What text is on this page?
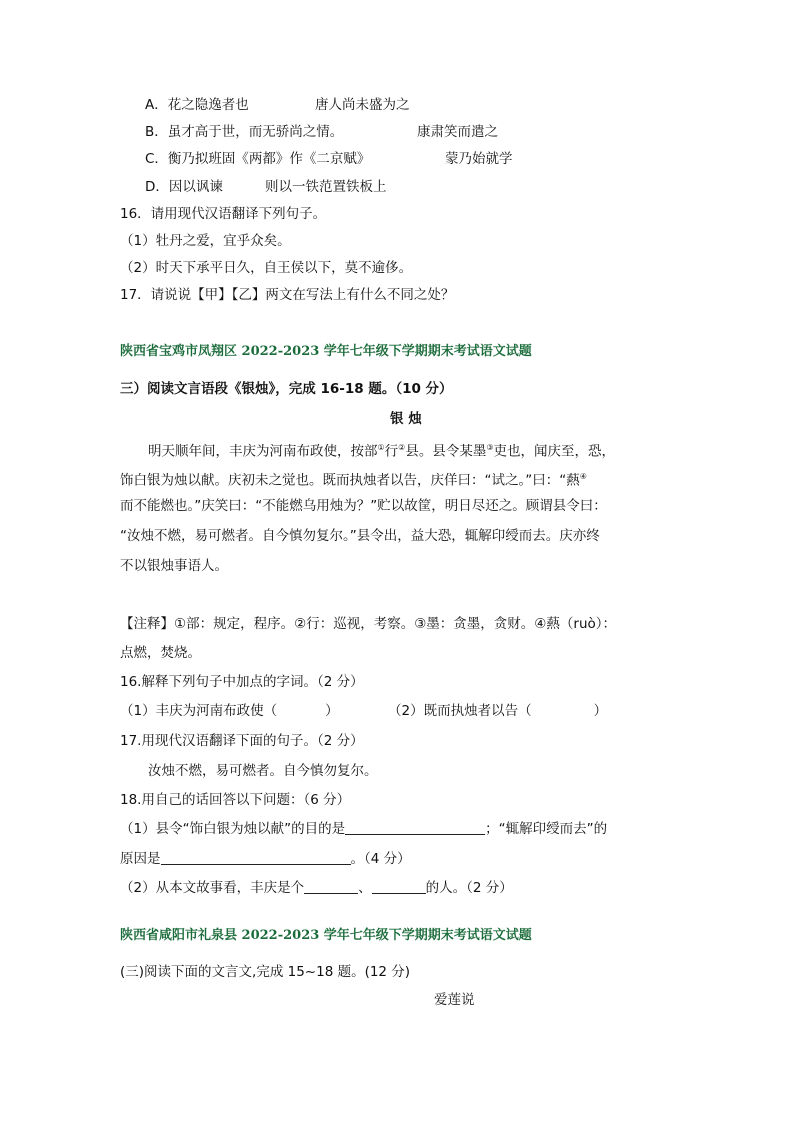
A．花之隐逸者也	唐人尚未盛为之
B．虽才高于世，而无骄尚之情。	康肃笑而遣之
C．衡乃拟班固《两都》作《二京赋》	蒙乃始就学
D．因以讽谏	则以一铁范置铁板上
16．请用现代汉语翻译下列句子。
（1）牡丹之爱，宜乎众矣。
（2）时天下承平日久，自王侯以下，莫不逾侈。
17．请说说【甲】【乙】两文在写法上有什么不同之处？
陕西省宝鸡市凤翔区 2022-2023 学年七年级下学期期末考试语文试题
三）阅读文言语段《银烛》，完成 16-18 题。（10 分）
银 烛
明天顺年间，丰庆为河南布政使，按部①行②县。县令某墨③吏也，闻庆至，恐，
饰白银为烛以献。庆初未之觉也。既而执烛者以告，庆佯曰：“试之。”曰：“爇④
而不能燃也。”庆笑曰：“不能燃乌用烛为？”贮以故筐，明日尽还之。顾谓县令曰：
“汝烛不燃，易可燃者。自今慎勿复尔。”县令出，益大恐，辄解印绶而去。庆亦终
不以银烛事语人。
【注释】①部：规定，程序。②行：巡视，考察。③墨：贪墨，贪财。④爇（ruò）：
点燃，焚烧。
16.解释下列句子中加点的字词。（2 分）
（1）丰庆为河南布政使（	）	（2）既而执烛者以告（	）
17.用现代汉语翻译下面的句子。（2 分）
汝烛不燃，易可燃者。自今慎勿复尔。
18.用自己的话回答以下问题：（6 分）
（1）县令“饰白银为烛以献”的目的是	；“辄解印绶而去”的
原因是	。（4 分）
（2）从本文故事看，丰庆是个	、	的人。（2 分）
陕西省咸阳市礼泉县 2022-2023 学年七年级下学期期末考试语文试题
(三)阅读下面的文言文,完成 15~18 题。(12 分)
爱莲说
